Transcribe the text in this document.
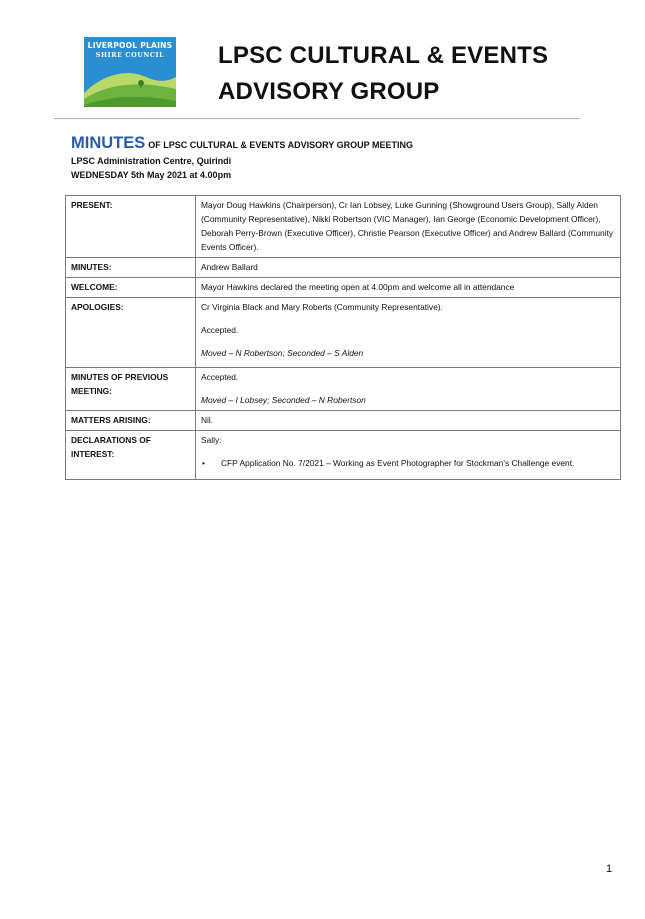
LIVERPOOL PLAINS
SHIRE COUNCIL	LPSC CULTURAL & EVENTS
ADVISORY GROUP
MINUTES OF LPSC CULTURAL & EVENTS ADVISORY GROUP MEETING
LPSC Administration Centre, Quirindi
WEDNESDAY 5th May 2021 at 4.00pm
PRESENT:	Mayor Doug Hawkins (Chairperson), Cr Ian Lobsey, Luke Gunning (Showground Users Group), Sally Alden (Community Representative), Nikki Robertson (VIC Manager), Ian George (Economic Development Officer), Deborah Perry-Brown (Executive Officer), Christie Pearson (Executive Officer) and Andrew Ballard (Community Events Officer).
MINUTES:	Andrew Ballard
WELCOME:	Mayor Hawkins declared the meeting open at 4.00pm and welcome all in attendance
APOLOGIES:	Cr Virginia Black and Mary Roberts (Community Representative).

Accepted.

Moved – N Robertson; Seconded – S Alden

MINUTES OF PREVIOUS MEETING:	Accepted.

Moved – I Lobsey; Seconded – N Robertson

MATTERS ARISING:	Nil.
DECLARATIONS OF INTEREST:	Sally:

• CFP Application No. 7/2021 – Working as Event Photographer for Stockman’s Challenge event.
1
